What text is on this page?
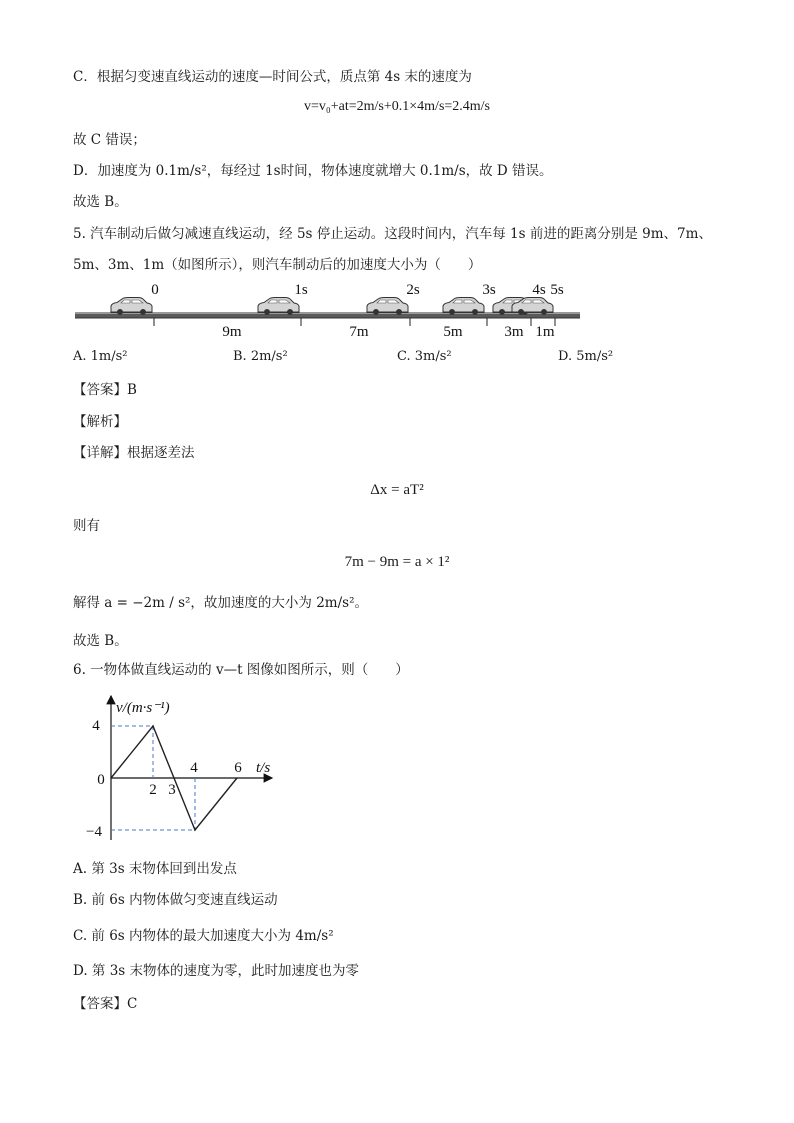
C．根据匀变速直线运动的速度—时间公式，质点第 4s 末的速度为
v=v₀+at=2m/s+0.1×4m/s=2.4m/s
故 C 错误；
D．加速度为 0.1m/s²，每经过 1s时间，物体速度就增大 0.1m/s，故 D 错误。
故选 B。
5. 汽车制动后做匀减速直线运动，经 5s 停止运动。这段时间内，汽车每 1s 前进的距离分别是 9m、7m、
5m、3m、1m（如图所示），则汽车制动后的加速度大小为（　　）
0	1s	2s	3s 4s 5s
9m	7m	5m	3m 1m
A. 1m/s²	B. 2m/s²	C. 3m/s²	D. 5m/s²
【答案】B
【解析】
【详解】根据逐差法
Δx = aT²
则有
7m − 9m = a × 1²
解得 a = −2m / s²，故加速度的大小为 2m/s²。
故选 B。
6. 一物体做直线运动的 v—t 图像如图所示，则（　　）
v/(m·s⁻¹)
t/s
4
0
−4
2 3
4 6
A. 第 3s 末物体回到出发点
B. 前 6s 内物体做匀变速直线运动
C. 前 6s 内物体的最大加速度大小为 4m/s²
D. 第 3s 末物体的速度为零，此时加速度也为零
【答案】C
